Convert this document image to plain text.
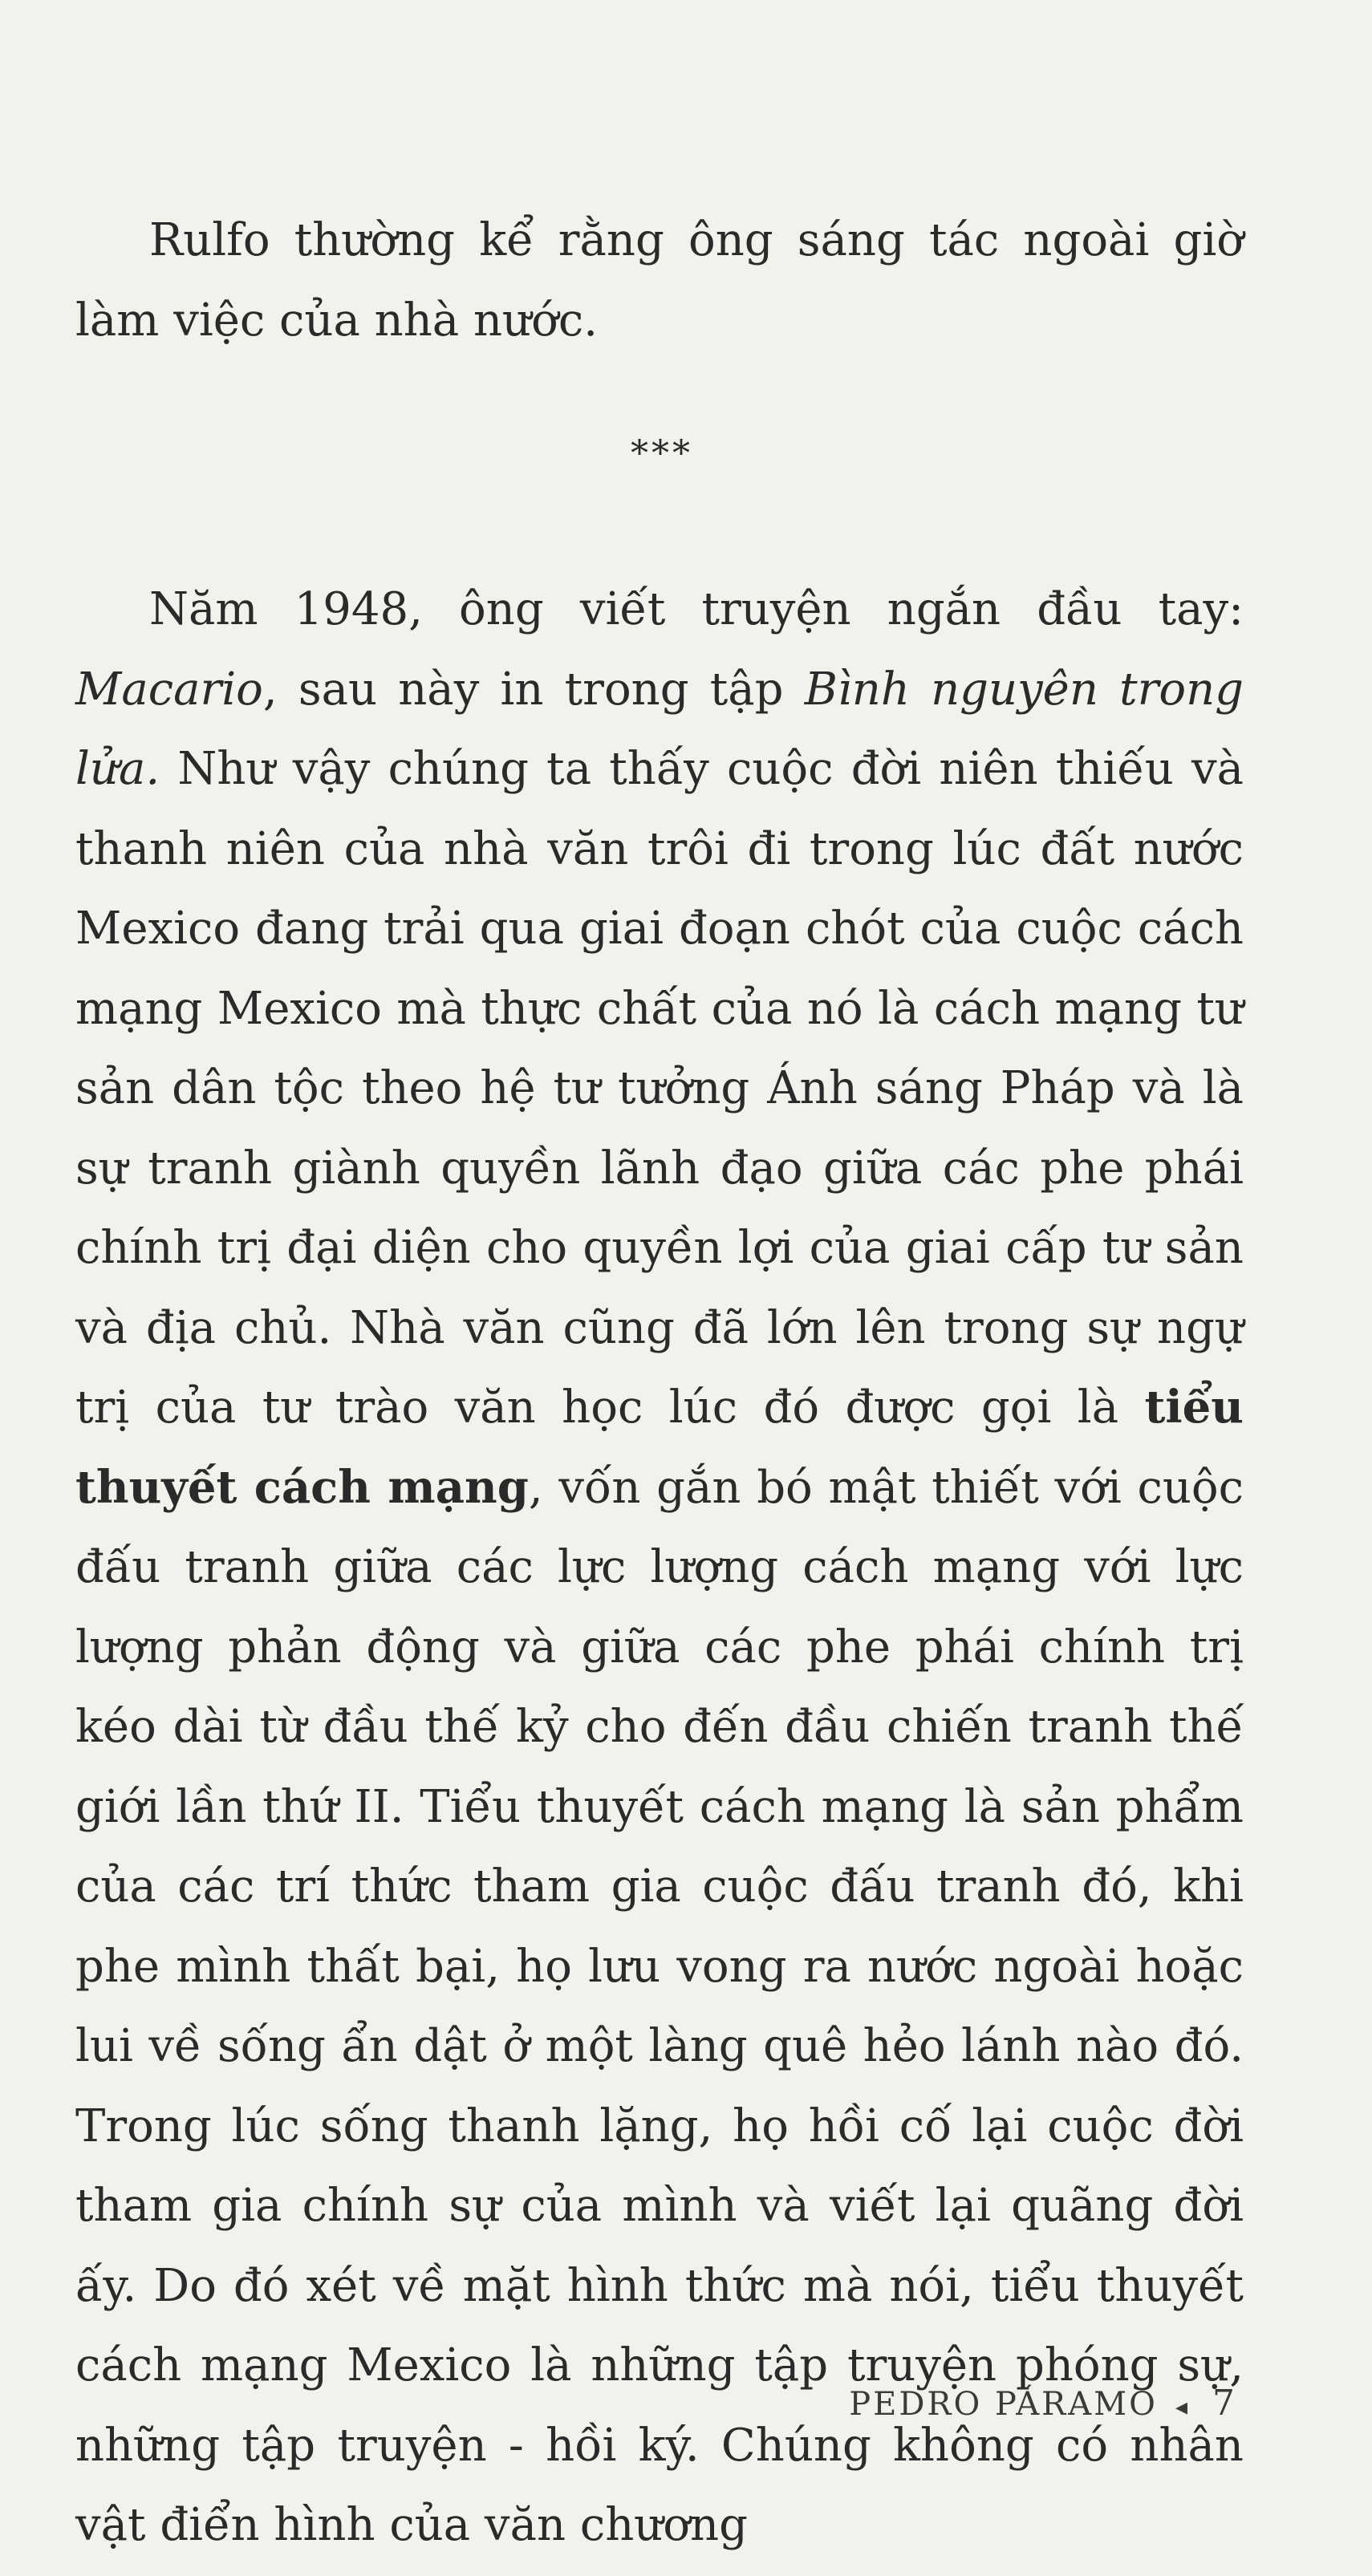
Rulfo thường kể rằng ông sáng tác ngoài giờ làm việc của nhà nước.

***

Năm 1948, ông viết truyện ngắn đầu tay: Macario, sau này in trong tập Bình nguyên trong lửa. Như vậy chúng ta thấy cuộc đời niên thiếu và thanh niên của nhà văn trôi đi trong lúc đất nước Mexico đang trải qua giai đoạn chót của cuộc cách mạng Mexico mà thực chất của nó là cách mạng tư sản dân tộc theo hệ tư tưởng Ánh sáng Pháp và là sự tranh giành quyền lãnh đạo giữa các phe phái chính trị đại diện cho quyền lợi của giai cấp tư sản và địa chủ. Nhà văn cũng đã lớn lên trong sự ngự trị của tư trào văn học lúc đó được gọi là tiểu thuyết cách mạng, vốn gắn bó mật thiết với cuộc đấu tranh giữa các lực lượng cách mạng với lực lượng phản động và giữa các phe phái chính trị kéo dài từ đầu thế kỷ cho đến đầu chiến tranh thế giới lần thứ II. Tiểu thuyết cách mạng là sản phẩm của các trí thức tham gia cuộc đấu tranh đó, khi phe mình thất bại, họ lưu vong ra nước ngoài hoặc lui về sống ẩn dật ở một làng quê hẻo lánh nào đó. Trong lúc sống thanh lặng, họ hồi cố lại cuộc đời tham gia chính sự của mình và viết lại quãng đời ấy. Do đó xét về mặt hình thức mà nói, tiểu thuyết cách mạng Mexico là những tập truyện phóng sự, những tập truyện - hồi ký. Chúng không có nhân vật điển hình của văn chương

PEDRO PÁRAMO ◂ 7
